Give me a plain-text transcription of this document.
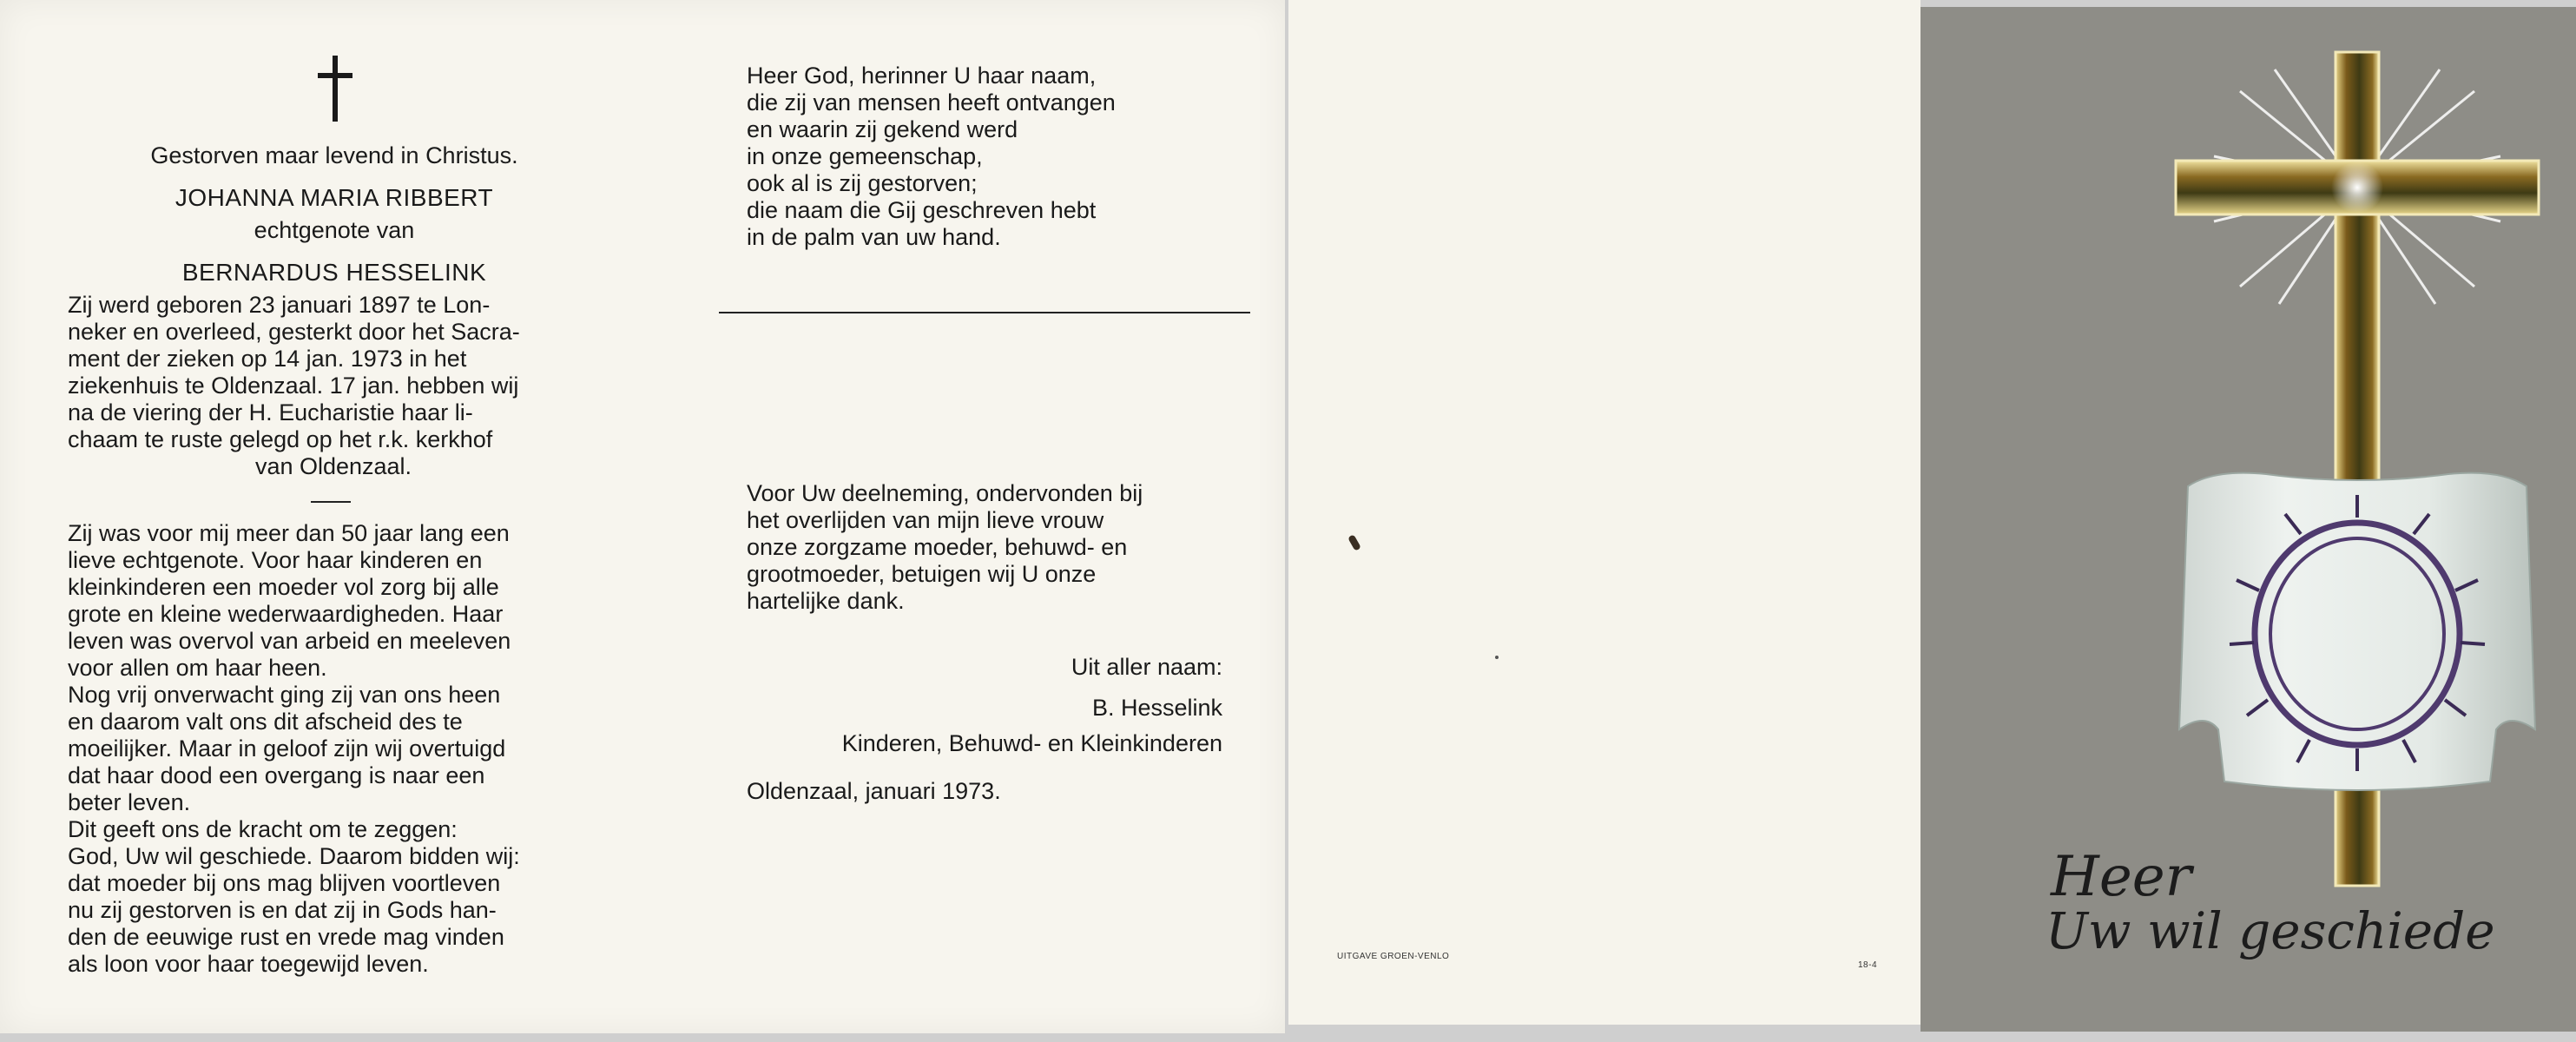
Gestorven maar levend in Christus.
JOHANNA MARIA RIBBERT
echtgenote van
BERNARDUS HESSELINK
Zij werd geboren 23 januari 1897 te Lon-
neker en overleed, gesterkt door het Sacra-
ment der zieken op 14 jan. 1973 in het
ziekenhuis te Oldenzaal. 17 jan. hebben wij
na de viering der H. Eucharistie haar li-
chaam te ruste gelegd op het r.k. kerkhof
van Oldenzaal.
Zij was voor mij meer dan 50 jaar lang een
lieve echtgenote. Voor haar kinderen en
kleinkinderen een moeder vol zorg bij alle
grote en kleine wederwaardigheden. Haar
leven was overvol van arbeid en meeleven
voor allen om haar heen.
Nog vrij onverwacht ging zij van ons heen
en daarom valt ons dit afscheid des te
moeilijker. Maar in geloof zijn wij overtuigd
dat haar dood een overgang is naar een
beter leven.
Dit geeft ons de kracht om te zeggen:
God, Uw wil geschiede. Daarom bidden wij:
dat moeder bij ons mag blijven voortleven
nu zij gestorven is en dat zij in Gods han-
den de eeuwige rust en vrede mag vinden
als loon voor haar toegewijd leven.
Heer God, herinner U haar naam,
die zij van mensen heeft ontvangen
en waarin zij gekend werd
in onze gemeenschap,
ook al is zij gestorven;
die naam die Gij geschreven hebt
in de palm van uw hand.
Voor Uw deelneming, ondervonden bij
het overlijden van mijn lieve vrouw
onze zorgzame moeder, behuwd- en
grootmoeder, betuigen wij U onze
hartelijke dank.
Uit aller naam:
B. Hesselink
Kinderen, Behuwd- en Kleinkinderen
Oldenzaal, januari 1973.
UITGAVE GROEN-VENLO
18-4
Heer
Uw wil geschiede
